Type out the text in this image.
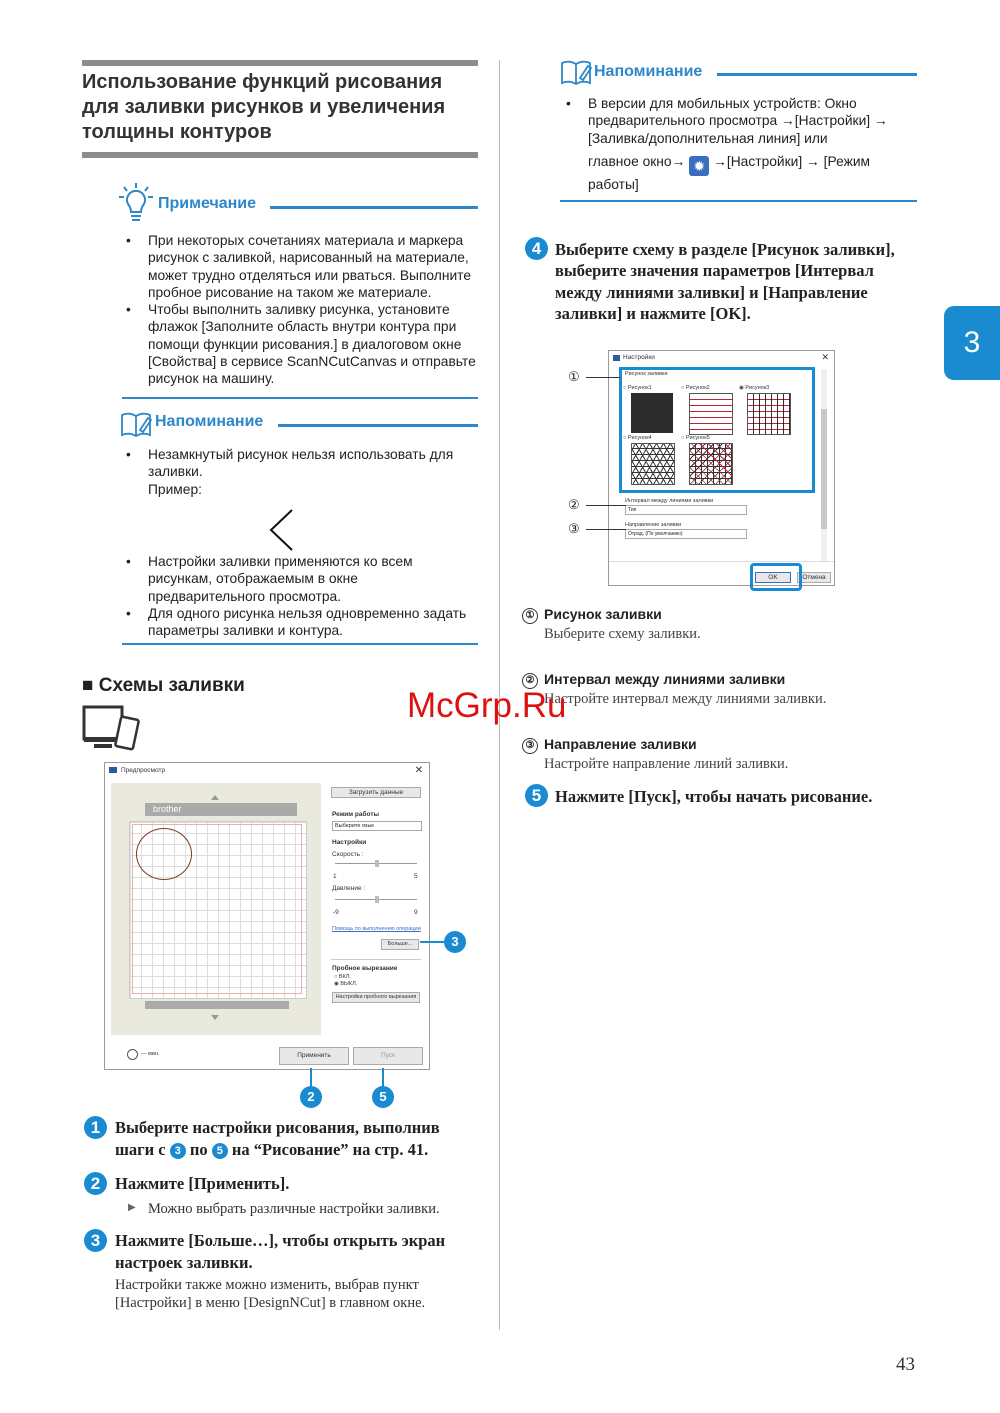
Использование функций рисования для заливки рисунков и увеличения толщины контуров
Примечание
• При некоторых сочетаниях материала и маркера рисунок с заливкой, нарисованный на материале, может трудно отделяться или рваться. Выполните пробное рисование на таком же материале.
• Чтобы выполнить заливку рисунка, установите флажок [Заполните область внутри контура при помощи функции рисования.] в диалоговом окне [Свойства] в сервисе ScanNCutCanvas и отправьте рисунок на машину.
Напоминание
• Незамкнутый рисунок нельзя использовать для заливки.
Пример:
• Настройки заливки применяются ко всем рисункам, отображаемым в окне предварительного просмотра.
• Для одного рисунка нельзя одновременно задать параметры заливки и контура.
■ Схемы заливки
Предпросмотр	✕
brother
Загрузить данные
Режим работы
Выберите язык
Настройки
Скорость :
1	5
Давление :
-9	9
Помощь по выполнению операции
Больше...
Пробное вырезание
○ ВКЛ.
◉ ВЫКЛ.
Настройки пробного вырезания
— мин.	Применить	Пуск
3
2	5
1 Выберите настройки рисования, выполнив шаги с 3 по 5 на “Рисование” на стр. 41.
2 Нажмите [Применить].
▶ Можно выбрать различные настройки заливки.
3 Нажмите [Больше…], чтобы открыть экран настроек заливки.
Настройки также можно изменить, выбрав пункт [Настройки] в меню [DesignNCut] в главном окне.
Напоминание
• В версии для мобильных устройств: Окно предварительного просмотра →[Настройки] → [Заливка/дополнительная линия] или
главное окно→ ✹ →[Настройки] → [Режим работы]
4 Выберите схему в разделе [Рисунок заливки], выберите значения параметров [Интервал между линиями заливки] и [Направление заливки] и нажмите [OK].
Настройки	✕
Рисунок заливки
○ Рисунок1	○ Рисунок2	◉ Рисунок3
○ Рисунок4	○ Рисунок5
Интервал между линиями заливки
Тип
Направление заливки
Отрад. (По умолчанию)
OK	Отмена
①
②
③
① Рисунок заливки
Выберите схему заливки.
② Интервал между линиями заливки
Настройте интервал между линиями заливки.
③ Направление заливки
Настройте направление линий заливки.
5 Нажмите [Пуск], чтобы начать рисование.
3
McGrp.Ru
43
